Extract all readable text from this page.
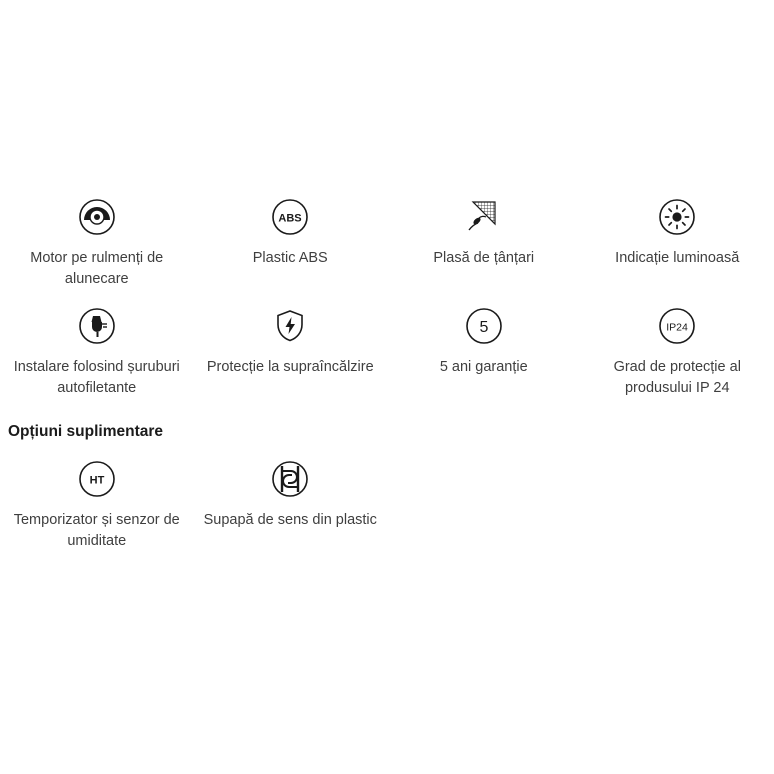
Motor pe rulmenți de alunecare
ABS
Plastic ABS	Plasă de țânțari	Indicație luminoasă
Instalare folosind șuruburi autofiletante
Protecție la supraîncălzire
5
5 ani garanție
IP24
Grad de protecție al produsului IP 24
Opțiuni suplimentare
HT
Temporizator și senzor de umiditate
Supapă de sens din plastic
